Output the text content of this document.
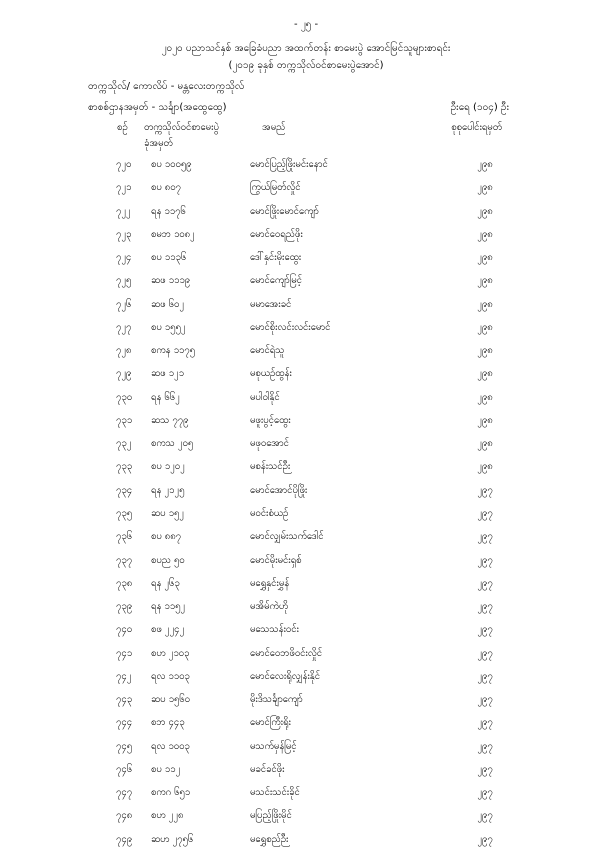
- ၂၅ -
၂၀၂၀ ပညာသင်နှစ် အခြေခံပညာ အထက်တန်း စာမေးပွဲ အောင်မြင်သူများစာရင်း
(၂၀၁၉ ခုနှစ် တက္ကသိုလ်ဝင်စာမေးပွဲအောင်)
တက္ကသိုလ်/ ကောလိပ် - မန္တလေးတက္ကသိုလ်
စာစစ်ဌာနအမှတ် - သင်္ချာ(အထွေထွေ)	ဦးရေ (၁၀၄) ဦး
စဉ် တက္ကသိုလ်ဝင်စာမေးပွဲ
ခုံအမှတ်
အမည်	စုစုပေါင်းရမှတ်
၇၂၀	စပ ၁၀၀၅၉	မောင်ပြည့်ဖြိုးမင်းနောင်	၂၉၈
၇၂၁	စပ ၈၀၇	ကြွယ်မြတ်လှိုင်	၂၉၈
၇၂၂	ရန ၁၁၇၆	မောင်ဖြိုးမောင်ကျော်	၂၉၈
၇၂၃	စမဘ ၁၀၈၂	မောင်ဝေရည်ဖိုး	၂၉၈
၇၂၄	စပ ၁၁၃၆	ဒေါ်နှင်းမိုးထွေး	၂၉၈
၇၂၅	ဆဖ ၁၁၁၉	မောင်ကျော်မြင့်	၂၉၈
၇၂၆	ဆဖ ၆၀၂	မမာအေးခင်	၂၉၈
၇၂၇	စပ ၁၅၅၂	မောင်စိုးလင်းလင်းမောင်	၂၉၈
၇၂၈	စကန ၁၁၇၅	မောင်ရဲသူ	၂၉၈
၇၂၉	ဆဖ ၁၂၁	မစုယဉ်ထွန်း	၂၉၈
၇၃၀	ရန ၆၆၂	မပါဝါနိုင်	၂၉၈
၇၃၁	ဆသ ၇၇၉	မဖူးပွင့်ထွေး	၂၉၈
၇၃၂	စကသ ၂၀၅	မဖုဝအောင်	၂၉၈
၇၃၃	စပ ၁၂၀၂	မစန်းသင်ဉီး	၂၉၈
၇၃၄	ရန ၂၁၂၅	မောင်အောင်ပိုဖြိုး	၂၉၇
၇၃၅	ဆပ ၁၅၂	မဝင်းစံယဉ်	၂၉၇
၇၃၆	စပ ၈၈၇	မောင်လျှမ်းသက်ဒေါင်	၂၉၇
၇၃၇	စပည ၅၀	မောင်မိုးမင်းရှစ်	၂၉၇
၇၃၈	ရန ၂၆၃	မရွှေနှင်းမွှန်	၂၉၇
၇၃၉	ရန ၁၁၅၂	မအိမ်ကဲဟို	၂၉၇
၇၄၀	စဖ ၂၂၄၂	မသေသန်းဝင်း	၂၉၇
၇၄၁	စဟ ၂၁၀၃	မောင်ဝေဘဖိဝင်းလှိုင်	၂၉၇
၇၄၂	ရလ ၁၁၀၃	မောင်လေးရိုလျှန်းနိုင်	၂၉၇
၇၄၃	ဆပ ၁၅၆၀	မိုးဒိသင်္ချာကျော်	၂၉၇
၇၄၄	စဘ ၄၄၃	မောင်ကြီးရိုး	၂၉၇
၇၄၅	ရလ ၁၀၀၃	မသက်မှန်မြင့်	၂၉၇
၇၄၆	စပ ၁၁၂	မခင်ခင်ဖိုး	၂၉၇
၇၄၇	စကဂ ၆၅၁	မသင်းသင်းခိုင်	၂၉၇
၇၄၈	စဟ ၂၂၈	မပြည့်ဖြိုးမိုင်	၂၉၇
၇၄၉	ဆဟ ၂၇၅၆	မရွှေစည်ဉီး	၂၉၇
